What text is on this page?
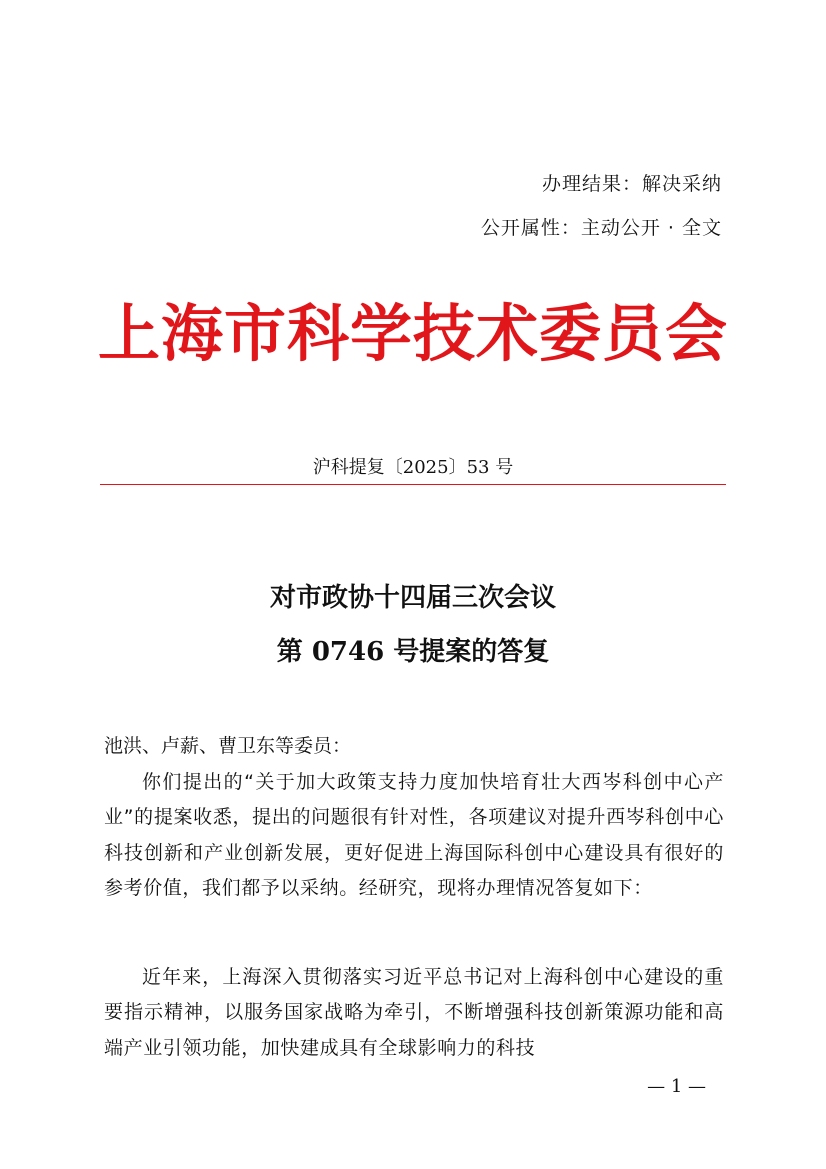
办理结果：解决采纳
公开属性：主动公开 · 全文
上海市科学技术委员会
沪科提复〔2025〕53 号
对市政协十四届三次会议
第 0746 号提案的答复
池洪、卢薪、曹卫东等委员：

你们提出的“关于加大政策支持力度加快培育壮大西岑科创中心产业”的提案收悉，提出的问题很有针对性，各项建议对提升西岑科创中心科技创新和产业创新发展，更好促进上海国际科创中心建设具有很好的参考价值，我们都予以采纳。经研究，现将办理情况答复如下：

近年来，上海深入贯彻落实习近平总书记对上海科创中心建设的重要指示精神，以服务国家战略为牵引，不断增强科技创新策源功能和高端产业引领功能，加快建成具有全球影响力的科技

— 1 —
